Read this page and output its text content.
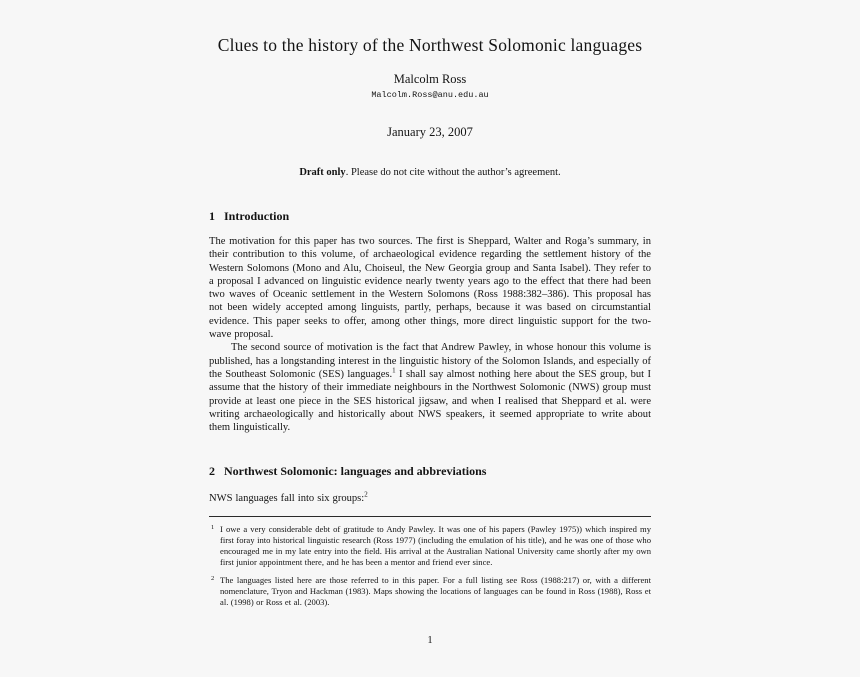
Clues to the history of the Northwest Solomonic languages
Malcolm Ross
Malcolm.Ross@anu.edu.au
January 23, 2007
Draft only. Please do not cite without the author’s agreement.
1 Introduction

The motivation for this paper has two sources. The first is Sheppard, Walter and Roga’s summary, in their contribution to this volume, of archaeological evidence regarding the settlement history of the Western Solomons (Mono and Alu, Choiseul, the New Georgia group and Santa Isabel). They refer to a proposal I advanced on linguistic evidence nearly twenty years ago to the effect that there had been two waves of Oceanic settlement in the Western Solomons (Ross 1988:382–386). This proposal has not been widely accepted among linguists, partly, perhaps, because it was based on circumstantial evidence. This paper seeks to offer, among other things, more direct linguistic support for the two-wave proposal.

The second source of motivation is the fact that Andrew Pawley, in whose honour this volume is published, has a longstanding interest in the linguistic history of the Solomon Islands, and especially of the Southeast Solomonic (SES) languages.$^1$ I shall say almost nothing here about the SES group, but I assume that the history of their immediate neighbours in the Northwest Solomonic (NWS) group must provide at least one piece in the SES historical jigsaw, and when I realised that Sheppard et al. were writing archaeologically and historically about NWS speakers, it seemed appropriate to write about them linguistically.

2 Northwest Solomonic: languages and abbreviations

NWS languages fall into six groups:$^2$

1 I owe a very considerable debt of gratitude to Andy Pawley. It was one of his papers (Pawley 1975)) which inspired my first foray into historical linguistic research (Ross 1977) (including the emulation of his title), and he was one of those who encouraged me in my late entry into the field. His arrival at the Australian National University came shortly after my own first junior appointment there, and he has been a mentor and friend ever since.
2 The languages listed here are those referred to in this paper. For a full listing see Ross (1988:217) or, with a different nomenclature, Tryon and Hackman (1983). Maps showing the locations of languages can be found in Ross (1988), Ross et al. (1998) or Ross et al. (2003).
1
